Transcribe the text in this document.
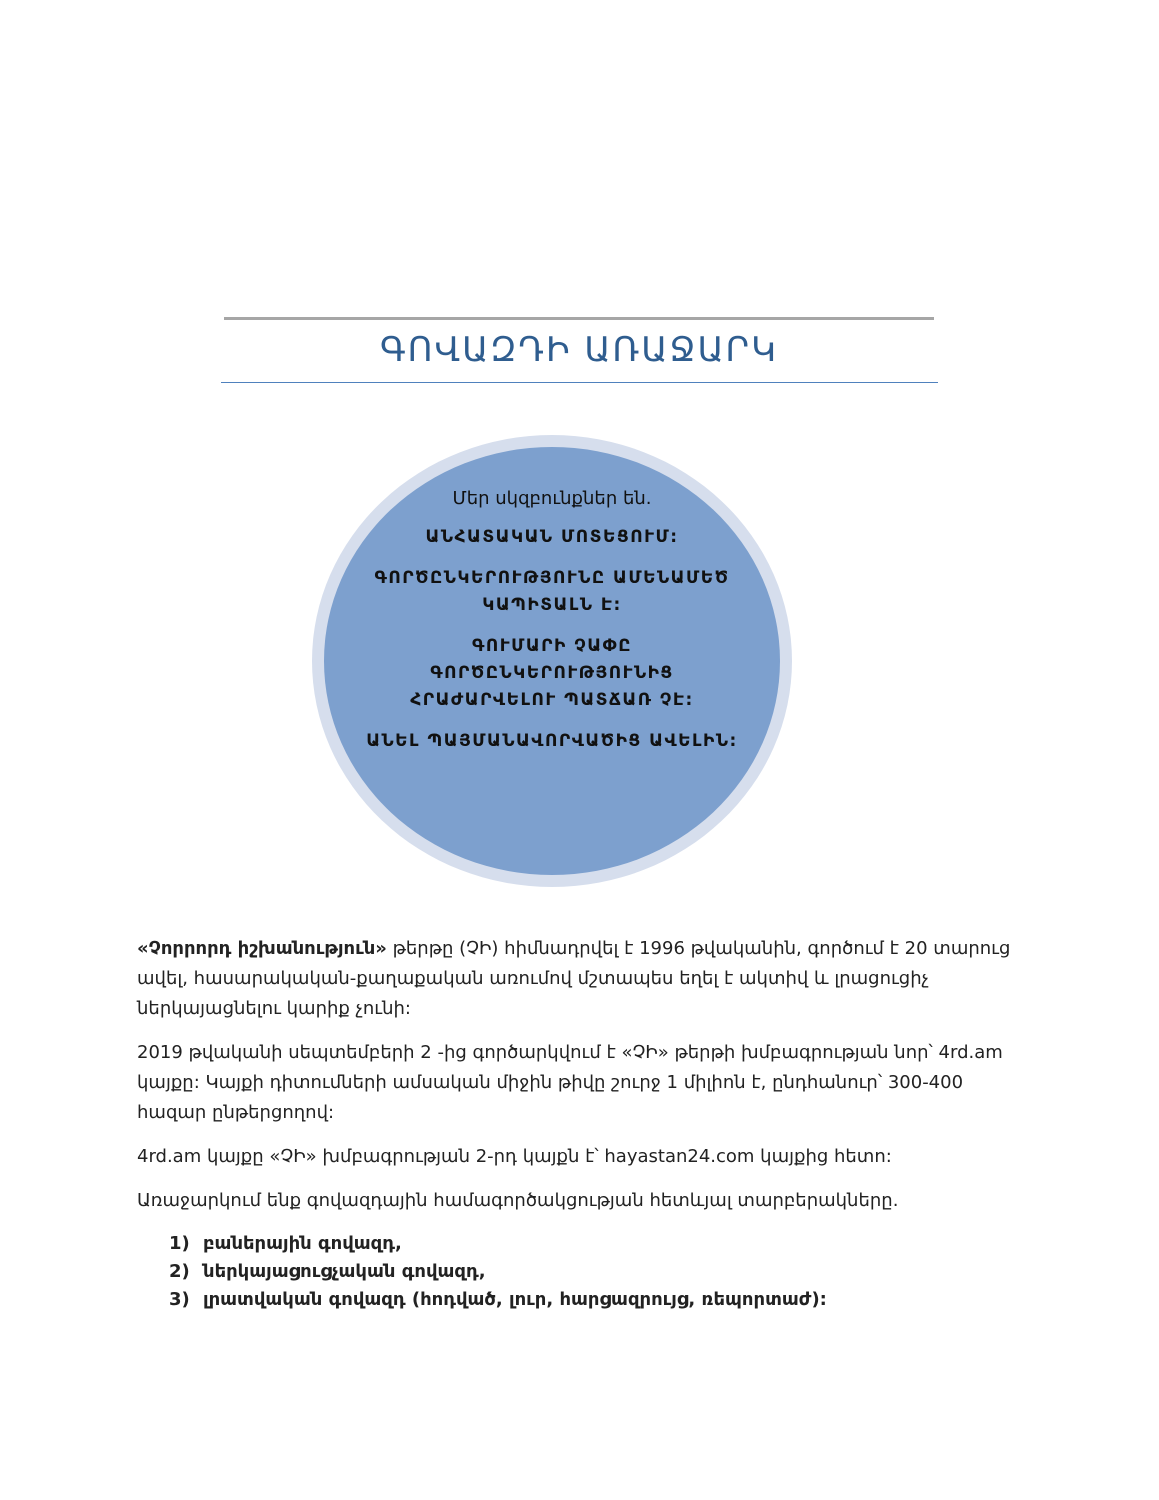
ԳՈՎԱԶԴԻ ԱՌԱՋԱՐԿ
Մեր սկզբունքներ են.
ԱՆՀԱՏԱԿԱՆ ՄՈՏԵՑՈՒՄ:
ԳՈՐԾԸՆԿԵՐՈՒԹՅՈՒՆԸ ԱՄԵՆԱՄԵԾ ԿԱՊԻՏԱԼՆ Է:
ԳՈՒՄԱՐԻ ՉԱՓԸ ԳՈՐԾԸՆԿԵՐՈՒԹՅՈՒՆԻՑ ՀՐԱԺԱՐՎԵԼՈՒ ՊԱՏՃԱՌ ՉԷ:
ԱՆԵԼ ՊԱՅՄԱՆԱՎՈՐՎԱԾԻՑ ԱՎԵԼԻՆ:

«Չորրորդ իշխանություն» թերթը (ՉԻ) հիմնադրվել է 1996 թվականին, գործում է 20 տարուց ավել, հասարակական-քաղաքական առումով մշտապես եղել է ակտիվ և լրացուցիչ ներկայացնելու կարիք չունի:

2019 թվականի սեպտեմբերի 2 -ից գործարկվում է «ՉԻ» թերթի խմբագրության նոր՝ 4rd.am կայքը: Կայքի դիտումների ամսական միջին թիվը շուրջ 1 միլիոն է, ընդհանուր՝ 300-400 հազար ընթերցողով:

4rd.am կայքը «ՉԻ» խմբագրության 2-րդ կայքն է՝ hayastan24.com կայքից հետո:

Առաջարկում ենք գովազդային համագործակցության հետևյալ տարբերակները.

1) բաներային գովազդ,
2) ներկայացուցչական գովազդ,
3) լրատվական գովազդ (հոդված, լուր, հարցազրույց, ռեպորտաժ):
